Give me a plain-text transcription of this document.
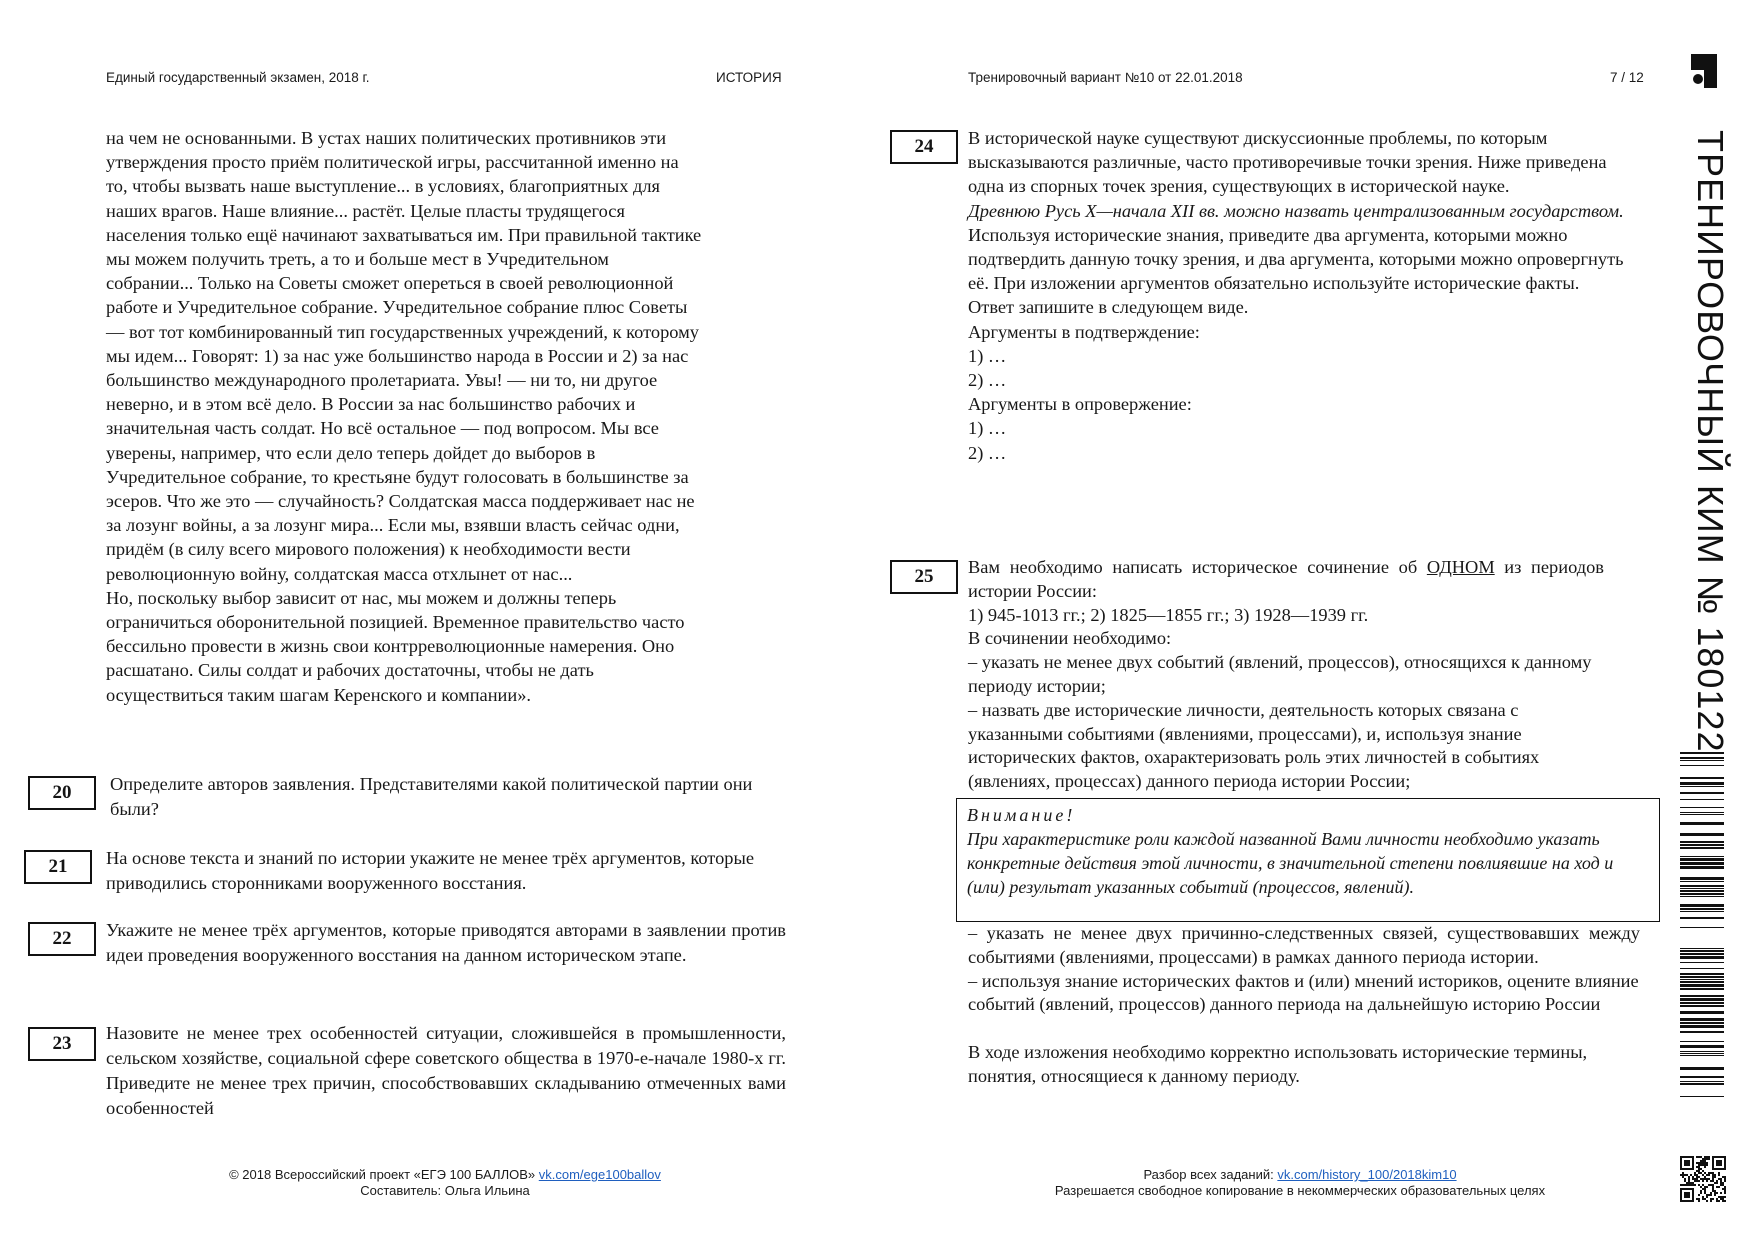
Единый государственный экзамен, 2018 г.	ИСТОРИЯ	Тренировочный вариант №10 от 22.01.2018	7 / 12
ТРЕНИРОВОЧНЫЙ КИМ № 180122

на чем не основанными. В устах наших политических противников эти

утверждения просто приём политической игры, рассчитанной именно на

то, чтобы вызвать наше выступление... в условиях, благоприятных для

наших врагов. Наше влияние... растёт. Целые пласты трудящегося

населения только ещё начинают захватываться им. При правильной тактике

мы можем получить треть, а то и больше мест в Учредительном

собрании... Только на Советы сможет опереться в своей революционной

работе и Учредительное собрание. Учредительное собрание плюс Советы

— вот тот комбинированный тип государственных учреждений, к которому

мы идем... Говорят: 1) за нас уже большинство народа в России и 2) за нас

большинство международного пролетариата. Увы! — ни то, ни другое

неверно, и в этом всё дело. В России за нас большинство рабочих и

значительная часть солдат. Но всё остальное — под вопросом. Мы все

уверены, например, что если дело теперь дойдет до выборов в

Учредительное собрание, то крестьяне будут голосовать в большинстве за

эсеров. Что же это — случайность? Солдатская масса поддерживает нас не

за лозунг войны, а за лозунг мира... Если мы, взявши власть сейчас одни,

придём (в силу всего мирового положения) к необходимости вести

революционную войну, солдатская масса отхлынет от нас...

Но, поскольку выбор зависит от нас, мы можем и должны теперь

ограничиться оборонительной позицией. Временное правительство часто

бессильно провести в жизнь свои контрреволюционные намерения. Оно

расшатано. Силы солдат и рабочих достаточны, чтобы не дать

осуществиться таким шагам Керенского и компании».

20	Определите авторов заявления. Представителями какой политической партии они были?
21	На основе текста и знаний по истории укажите не менее трёх аргументов, которые приводились сторонниками вооруженного восстания.
22	Укажите не менее трёх аргументов, которые приводятся авторами в заявлении против идеи проведения вооруженного восстания на данном историческом этапе.

23	Назовите не менее трех особенностей ситуации, сложившейся в промышленности, сельском хозяйстве, социальной сфере советского общества в 1970-е-начале 1980-х гг. Приведите не менее трех причин, способствовавших складыванию отмеченных вами особенностей

24	В исторической науке существуют дискуссионные проблемы, по которым высказываются различные, часто противоречивые точки зрения. Ниже приведена одна из спорных точек зрения, существующих в исторической науке.

Древнюю Русь X—начала XII вв. можно назвать централизованным государством.

Используя исторические знания, приведите два аргумента, которыми можно подтвердить данную точку зрения, и два аргумента, которыми можно опровергнуть её. При изложении аргументов обязательно используйте исторические факты.

Ответ запишите в следующем виде.

Аргументы в подтверждение:

1) …

2) …

Аргументы в опровержение:

1) …

2) …

25	Вам необходимо написать историческое сочинение об ОДНОМ из периодов истории России:

1) 945-1013 гг.; 2) 1825—1855 гг.; 3) 1928—1939 гг.

В сочинении необходимо:

– указать не менее двух событий (явлений, процессов), относящихся к данному периоду истории;

– назвать две исторические личности, деятельность которых связана с указанными событиями (явлениями, процессами), и, используя знание исторических фактов, охарактеризовать роль этих личностей в событиях (явлениях, процессах) данного периода истории России;

Внимание!
При характеристике роли каждой названной Вами личности необходимо указать конкретные действия этой личности, в значительной степени повлиявшие на ход и (или) результат указанных событий (процессов, явлений).

– указать не менее двух причинно-следственных связей, существовавших между событиями (явлениями, процессами) в рамках данного периода истории.

– используя знание исторических фактов и (или) мнений историков, оцените влияние событий (явлений, процессов) данного периода на дальнейшую историю России

В ходе изложения необходимо корректно использовать исторические термины, понятия, относящиеся к данному периоду.

© 2018 Всероссийский проект «ЕГЭ 100 БАЛЛОВ» vk.com/ege100ballov
Составитель: Ольга Ильина
Разбор всех заданий: vk.com/history_100/2018kim10
Разрешается свободное копирование в некоммерческих образовательных целях
